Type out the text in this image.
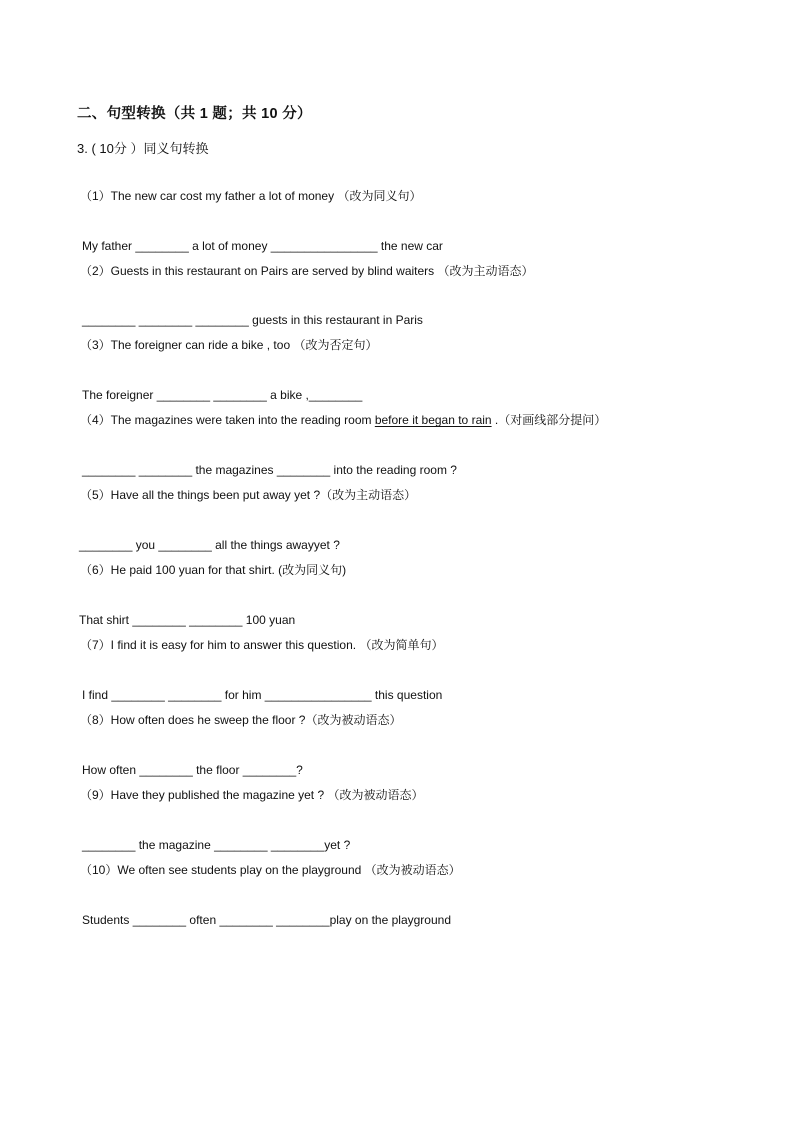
二、句型转换（共 1 题；共 10 分）
3. ( 10分 ）同义句转换
（1）The new car cost my father a lot of money （改为同义句）
My father ________ a lot of money ________________ the new car
（2）Guests in this restaurant on Pairs are served by blind waiters （改为主动语态）
________ ________ ________ guests in this restaurant in Paris
（3）The foreigner can ride a bike , too （改为否定句）
The foreigner ________ ________ a bike ,________
（4）The magazines were taken into the reading room before it began to rain .（对画线部分提问）
________ ________ the magazines ________ into the reading room ?
（5）Have all the things been put away yet ?（改为主动语态）
________ you ________ all the things awayyet ?
（6）He paid 100 yuan for that shirt. (改为同义句)
That shirt ________ ________ 100 yuan
（7）I find it is easy for him to answer this question. （改为简单句）
I find ________ ________ for him ________________ this question
（8）How often does he sweep the floor ?（改为被动语态）
How often ________ the floor ________?
（9）Have they published the magazine yet ? （改为被动语态）
________ the magazine ________ ________yet ?
（10）We often see students play on the playground （改为被动语态）
Students ________ often ________ ________play on the playground
